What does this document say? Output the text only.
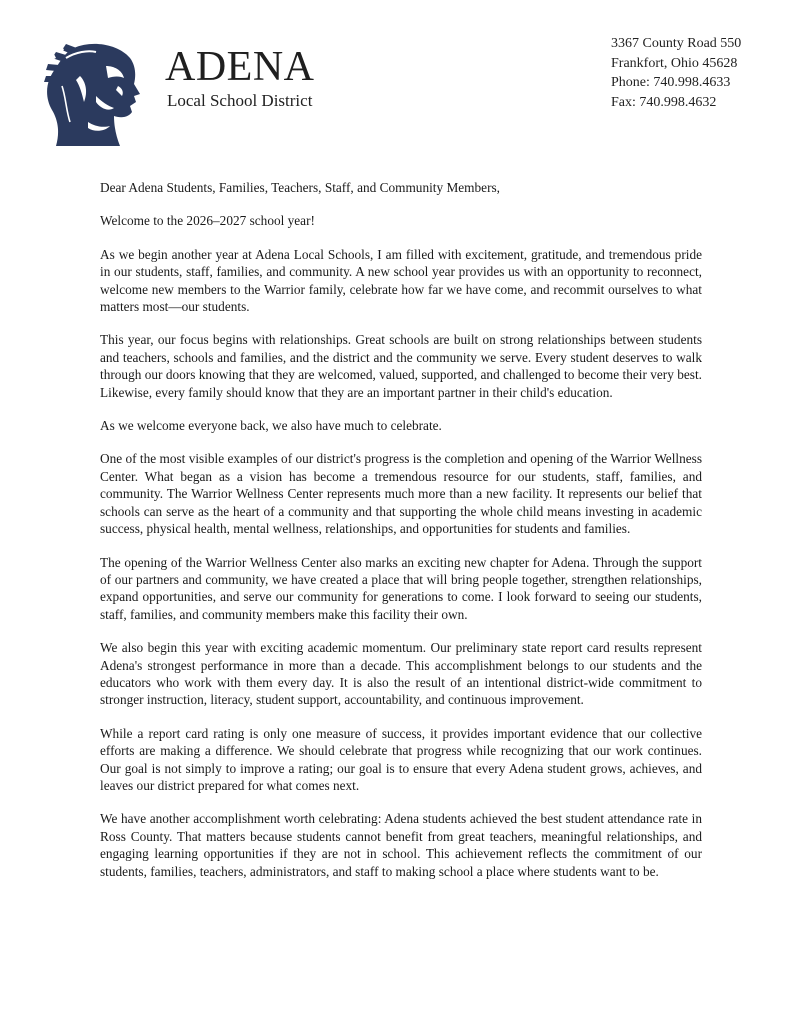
ADENA
Local School District
3367 County Road 550
Frankfort, Ohio 45628
Phone: 740.998.4633
Fax: 740.998.4632

Dear Adena Students, Families, Teachers, Staff, and Community Members,

Welcome to the 2026–2027 school year!

As we begin another year at Adena Local Schools, I am filled with excitement, gratitude, and tremendous pride in our students, staff, families, and community. A new school year provides us with an opportunity to reconnect, welcome new members to the Warrior family, celebrate how far we have come, and recommit ourselves to what matters most—our students.

This year, our focus begins with relationships. Great schools are built on strong relationships between students and teachers, schools and families, and the district and the community we serve. Every student deserves to walk through our doors knowing that they are welcomed, valued, supported, and challenged to become their very best. Likewise, every family should know that they are an important partner in their child's education.

As we welcome everyone back, we also have much to celebrate.

One of the most visible examples of our district's progress is the completion and opening of the Warrior Wellness Center. What began as a vision has become a tremendous resource for our students, staff, families, and community. The Warrior Wellness Center represents much more than a new facility. It represents our belief that schools can serve as the heart of a community and that supporting the whole child means investing in academic success, physical health, mental wellness, relationships, and opportunities for students and families.

The opening of the Warrior Wellness Center also marks an exciting new chapter for Adena. Through the support of our partners and community, we have created a place that will bring people together, strengthen relationships, expand opportunities, and serve our community for generations to come. I look forward to seeing our students, staff, families, and community members make this facility their own.

We also begin this year with exciting academic momentum. Our preliminary state report card results represent Adena's strongest performance in more than a decade. This accomplishment belongs to our students and the educators who work with them every day. It is also the result of an intentional district-wide commitment to stronger instruction, literacy, student support, accountability, and continuous improvement.

While a report card rating is only one measure of success, it provides important evidence that our collective efforts are making a difference. We should celebrate that progress while recognizing that our work continues. Our goal is not simply to improve a rating; our goal is to ensure that every Adena student grows, achieves, and leaves our district prepared for what comes next.

We have another accomplishment worth celebrating: Adena students achieved the best student attendance rate in Ross County. That matters because students cannot benefit from great teachers, meaningful relationships, and engaging learning opportunities if they are not in school. This achievement reflects the commitment of our students, families, teachers, administrators, and staff to making school a place where students want to be.
